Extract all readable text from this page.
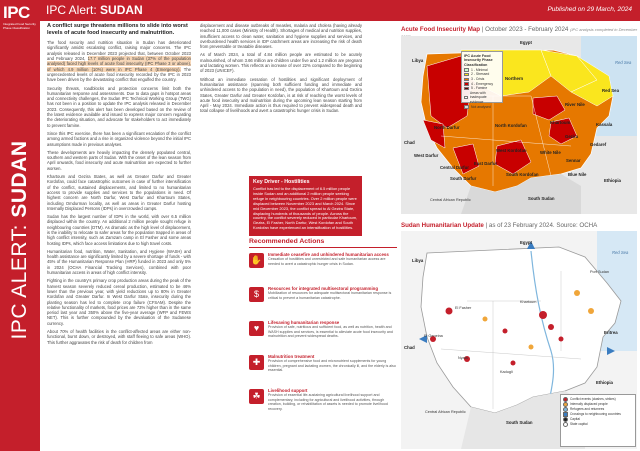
IPC
Integrated Food Security Phase Classification
IPC ALERT: SUDAN
IPC Alert: SUDAN	Published on 29 March, 2024
A conflict surge threatens millions to slide into worst levels of acute food insecurity and malnutrition.

The food security and nutrition situation in Sudan has deteriorated significantly amidst escalating conflict, raising major concerns. The IPC analysis released in December 2023 projected that, between October 2023 and February 2024, 17.7 million people in Sudan (37% of the population analysed) faced high levels of acute food insecurity (IPC Phase 3 or above), of which 4.9 million (10%) were in IPC Phase 4 (Emergency). The unprecedented levels of acute food insecurity recorded by the IPC in 2023 have been driven by the devastating conflict that engulfed the country.

Security threats, roadblocks and protection concerns limit both the humanitarian response and assessments. Due to data gaps in hotspot areas and connectivity challenges, the Sudan IPC Technical Working Group (TWG) has not been in a position to update the IPC analysis released in December 2023. Consequently, this alert has been developed based on the review of the latest evidence available and issued to express major concern regarding the deteriorating situation, and advocate for stakeholders to act immediately to prevent famine.

Since this IPC exercise, there has been a significant escalation of the conflict among armed factions and a rise in organized violence beyond the initial IPC assumptions made in previous analyses.

These developments are heavily impacting the densely populated central, southern and western parts of Sudan. With the onset of the lean season from April onwards, food insecurity and acute malnutrition are expected to further worsen.

Khartoum and Gezira States, as well as Greater Darfur and Greater Kordofan, could face catastrophic outcomes in case of further intensification of the conflict, sustained displacements, and limited to no humanitarian access to provide supplies and services to the populations in need. Of highest concern are North Darfur, West Darfur and Khartoum States, including Omdurman locality, as well as areas in Greater Darfur hosting Internally Displaced Persons (IDPs) in overcrowded camps.

Sudan has the largest number of IDPs in the world, with over 6.5 million displaced within the country. An additional 2 million people sought refuge in neighbouring countries (DTM). As dramatic as the high level of displacement, is the inability to relocate to safer areas for the population trapped in areas of high conflict intensity, such as Zamzam camp in El Fasher and some areas hosting IDPs, which face access limitations due to high travel costs.

Humanitarian food, nutrition, Water, Sanitation, and Hygiene (WASH) and health assistance are significantly limited by a severe shortage of funds - with 45% of the Humanitarian Response Plan (HRP) funded in 2023 and only 5% in 2024 (OCHA Financial Tracking Services), combined with poor humanitarian access in areas of high conflict intensity.

Fighting in the country's primary crop production areas during the peak of the harvest season severely reduced cereal production, estimated to be 46% lower than the previous year, with yield reductions up to 80% in Greater Kordofan and Greater Darfur. In West Darfur State, insecurity during the planting season has led to complete crop failure (CFSAM). Despite the relative functionality of markets, food prices are 73% higher than in the same period last year and 350% above the five-year average (WFP and FEWS NET). This is further compounded by the devaluation of the Sudanese currency.

About 70% of health facilities in the conflict-affected areas are either non-functional, burnt down, or destroyed, with staff fleeing to safe areas (WHO). This further aggravates the risk of death for children from

displacement and disease outbreaks of measles, malaria and cholera (having already reached 11,000 cases (Ministry of Health). Shortages of medical and nutrition supplies, insufficient access to clean water, sanitation and hygiene supplies and services, and overburdened health services in IDP catchment areas are increasing the risk of death from preventable or treatable diseases.

As of March 2024, a total of 4.84 million people are estimated to be acutely malnourished, of whom 3.66 million are children under five and 1.2 million are pregnant and lactating women. This reflects an increase of over 22% compared to the beginning of 2023 (UNICEF).

Without an immediate cessation of hostilities and significant deployment of humanitarian assistance (spanning both sufficient funding and immediate and unhindered access to the population in need), the population of Khartoum and Gezira States, Greater Darfur and Greater Kordofan, is at risk of reaching the worst levels of acute food insecurity and malnutrition during the upcoming lean season starting from April - May 2024. Immediate action is thus required to prevent widespread death and total collapse of livelihoods and avert a catastrophic hunger crisis in Sudan.

Key Driver - Hostilities
Conflict has led to the displacement of 6.5 million people inside Sudan and an additional 2 million people seeking refuge in neighbouring countries. Over 2 million people were displaced between November 2023 and March 2024. Since mid December 2023, the conflict spread to Al Gezira State, displacing hundreds of thousands of people. Across the country, the conflict severely reduced in particular Khartoum, Gezira, El Fasher, North Darfur, West Kordofan and South Kordofan have experienced an intensification of hostilities.
Recommended Actions
✋
Immediate ceasefire and unhindered humanitarian access
Cessation of hostilities and unrestricted and safe humanitarian access are needed to avert a catastrophic hunger crisis in Sudan.
$
Resources for integrated multisectoral programming
Mobilization of resources for adequate multisectoral humanitarian response is critical to prevent a humanitarian catastrophe.
♥
Lifesaving humanitarian response
Provision of safe, nutritious and sufficient food, as well as nutrition, health and WASH supplies and services, is essential to alleviate acute food insecurity and malnutrition and prevent widespread deaths.
✚
Malnutrition treatment
Provision of comprehensive food and micronutrient supplements for young children, pregnant and lactating women, the chronically ill, and the elderly is also essential.
☘
Livelihood support
Provision of essential life-sustaining agricultural livelihood support and complementary, including for agricultural and livelihood activities, through creation, building, or rehabilitation of assets is needed to promote livelihood recovery.
Acute Food Insecurity Map | October 2023 - February 2024 (IPC analysis completed in December
IPC Acute Food Insecurity Phase Classification
1 - Minimal
2 - Stressed
3 - Crisis
4 - Emergency
5 - Famine
Areas with inadequate evidence
Not analysed
Egypt
Libya
Northern
River Nile
Red Sea
Red Sea
North Darfur	North Kordofan
Khartoum	Kassala
Gezira
Gedaref
Chad
West Darfur
Central Darfur
South Darfur
East Darfur
West Kordofan
South Kordofan
White Nile
Sennar
Blue Nile
Ethiopia
Central African Republic	South Sudan
Sudan Humanitarian Update | as of 23 February 2024. Source: OCHA
Egypt
Libya
Chad
Port Sudan
Khartoum
El Fasher
El Geneina
Nyala
Kadugli
Eritrea
Ethiopia
South Sudan
Central African Republic
Red Sea
Conflict events (clashes, strikes)
Internally displaced people
Refugees and returnees
Crossings to neighbouring countries
Capital
State capital
